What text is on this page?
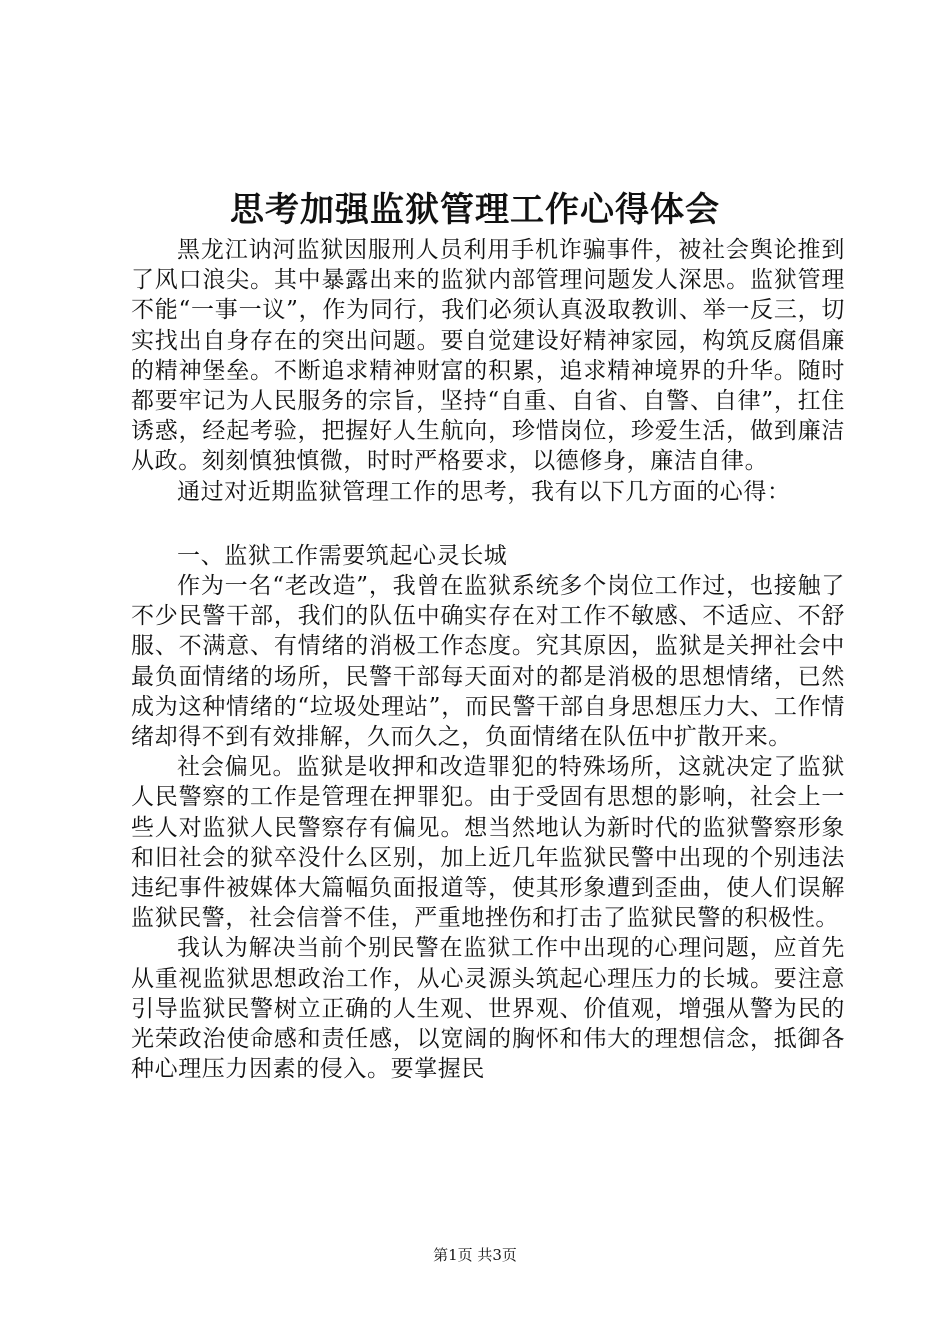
思考加强监狱管理工作心得体会

黑龙江讷河监狱因服刑人员利用手机诈骗事件，被社会舆论推到了风口浪尖。其中暴露出来的监狱内部管理问题发人深思。监狱管理不能“一事一议”，作为同行，我们必须认真汲取教训、举一反三，切实找出自身存在的突出问题。要自觉建设好精神家园，构筑反腐倡廉的精神堡垒。不断追求精神财富的积累，追求精神境界的升华。随时都要牢记为人民服务的宗旨，坚持“自重、自省、自警、自律”，扛住诱惑，经起考验，把握好人生航向，珍惜岗位，珍爱生活，做到廉洁从政。刻刻慎独慎微，时时严格要求，以德修身，廉洁自律。

通过对近期监狱管理工作的思考，我有以下几方面的心得：

一、监狱工作需要筑起心灵长城

作为一名“老改造”，我曾在监狱系统多个岗位工作过，也接触了不少民警干部，我们的队伍中确实存在对工作不敏感、不适应、不舒服、不满意、有情绪的消极工作态度。究其原因，监狱是关押社会中最负面情绪的场所，民警干部每天面对的都是消极的思想情绪，已然成为这种情绪的“垃圾处理站”，而民警干部自身思想压力大、工作情绪却得不到有效排解，久而久之，负面情绪在队伍中扩散开来。

社会偏见。监狱是收押和改造罪犯的特殊场所，这就决定了监狱人民警察的工作是管理在押罪犯。由于受固有思想的影响，社会上一些人对监狱人民警察存有偏见。想当然地认为新时代的监狱警察形象和旧社会的狱卒没什么区别，加上近几年监狱民警中出现的个别违法违纪事件被媒体大篇幅负面报道等，使其形象遭到歪曲，使人们误解监狱民警，社会信誉不佳，严重地挫伤和打击了监狱民警的积极性。

我认为解决当前个别民警在监狱工作中出现的心理问题，应首先从重视监狱思想政治工作，从心灵源头筑起心理压力的长城。要注意引导监狱民警树立正确的人生观、世界观、价值观，增强从警为民的光荣政治使命感和责任感，以宽阔的胸怀和伟大的理想信念，抵御各种心理压力因素的侵入。要掌握民

第1页 共3页
